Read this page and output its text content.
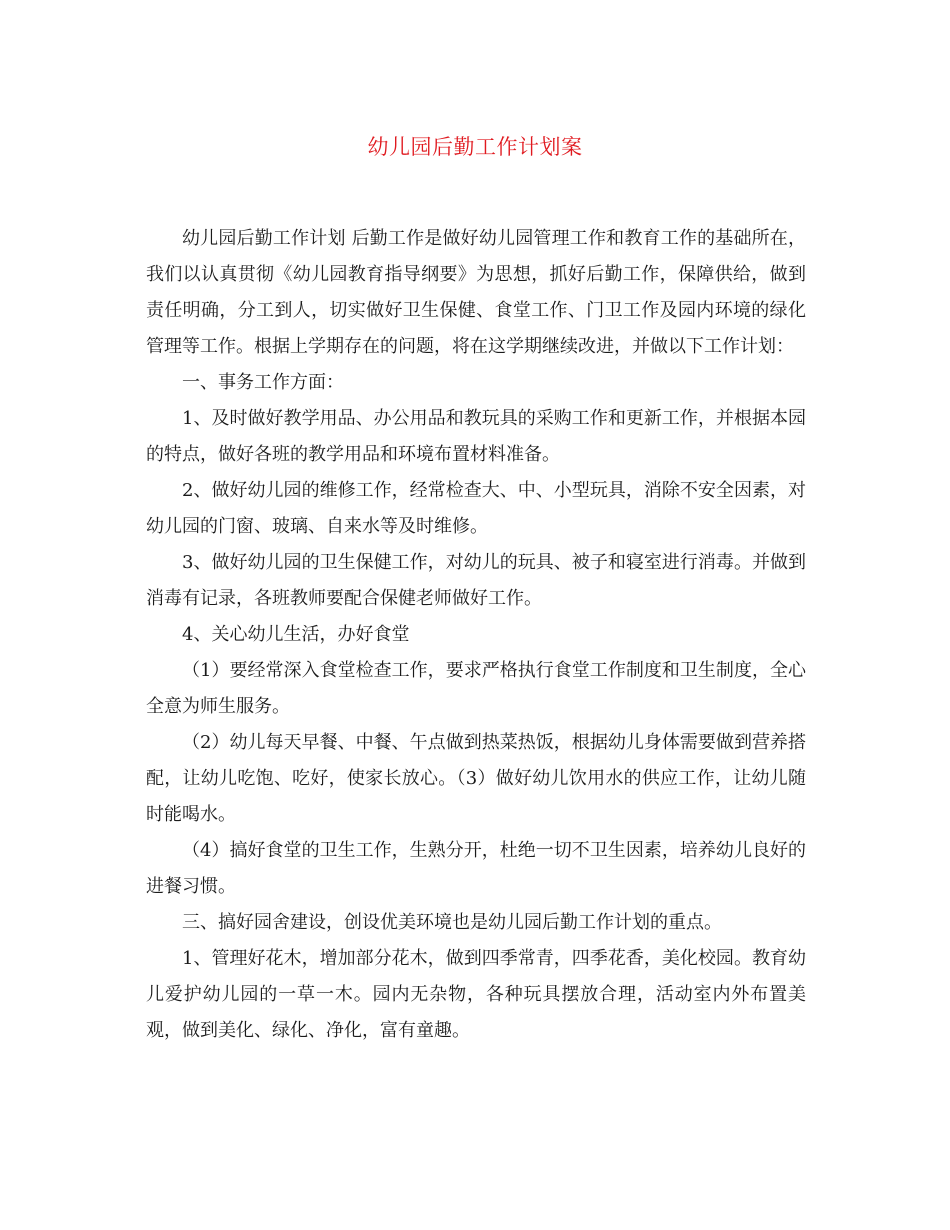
幼儿园后勤工作计划案

幼儿园后勤工作计划 后勤工作是做好幼儿园管理工作和教育工作的基础所在，我们以认真贯彻《幼儿园教育指导纲要》为思想，抓好后勤工作，保障供给，做到责任明确，分工到人，切实做好卫生保健、食堂工作、门卫工作及园内环境的绿化管理等工作。根据上学期存在的问题，将在这学期继续改进，并做以下工作计划：

一、事务工作方面：

1、及时做好教学用品、办公用品和教玩具的采购工作和更新工作，并根据本园的特点，做好各班的教学用品和环境布置材料准备。

2、做好幼儿园的维修工作，经常检查大、中、小型玩具，消除不安全因素，对幼儿园的门窗、玻璃、自来水等及时维修。

3、做好幼儿园的卫生保健工作，对幼儿的玩具、被子和寝室进行消毒。并做到消毒有记录，各班教师要配合保健老师做好工作。

4、关心幼儿生活，办好食堂

（1）要经常深入食堂检查工作，要求严格执行食堂工作制度和卫生制度，全心全意为师生服务。

（2）幼儿每天早餐、中餐、午点做到热菜热饭，根据幼儿身体需要做到营养搭配，让幼儿吃饱、吃好，使家长放心。（3）做好幼儿饮用水的供应工作，让幼儿随时能喝水。

（4）搞好食堂的卫生工作，生熟分开，杜绝一切不卫生因素，培养幼儿良好的进餐习惯。

三、搞好园舍建设，创设优美环境也是幼儿园后勤工作计划的重点。

1、管理好花木，增加部分花木，做到四季常青，四季花香，美化校园。教育幼儿爱护幼儿园的一草一木。园内无杂物，各种玩具摆放合理，活动室内外布置美观，做到美化、绿化、净化，富有童趣。
